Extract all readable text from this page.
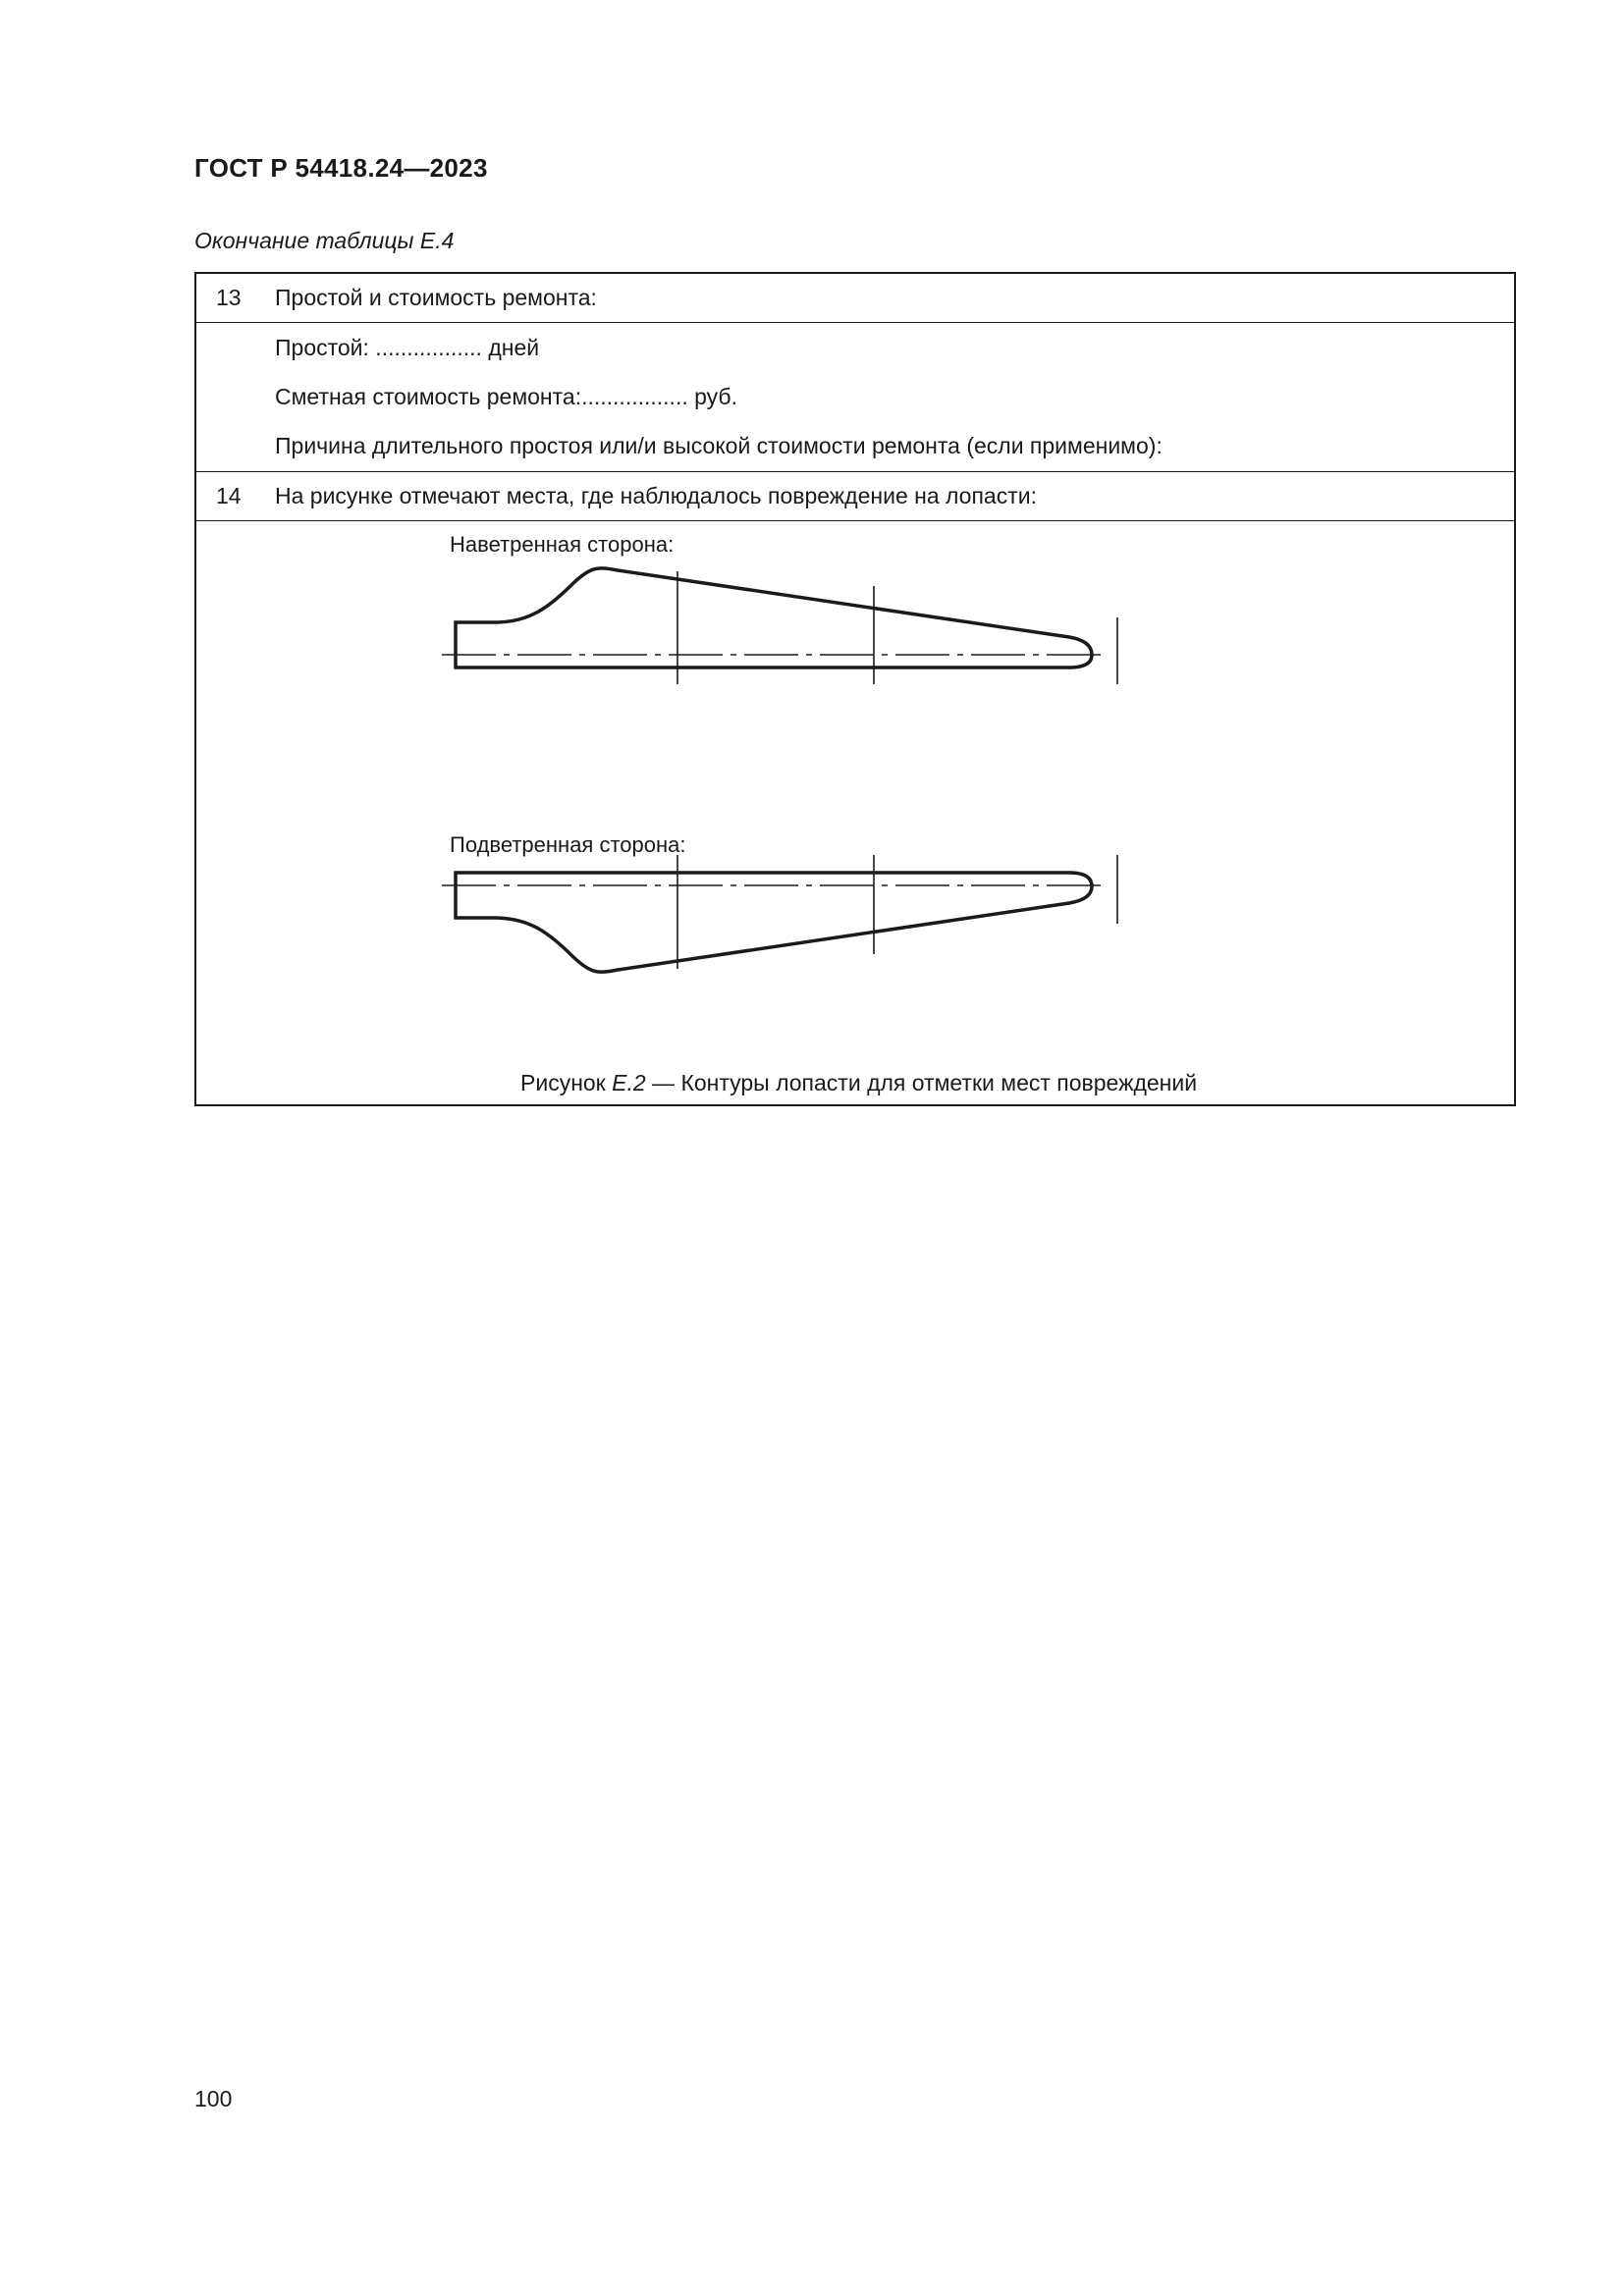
ГОСТ Р 54418.24—2023
Окончание таблицы Е.4
13 Простой и стоимость ремонта:
Простой: ................. дней
Сметная стоимость ремонта:................. руб.
Причина длительного простоя или/и высокой стоимости ремонта (если применимо):
14 На рисунке отмечают места, где наблюдалось повреждение на лопасти:
Наветренная сторона:
Подветренная сторона:
Рисунок Е.2 — Контуры лопасти для отметки мест повреждений
100
